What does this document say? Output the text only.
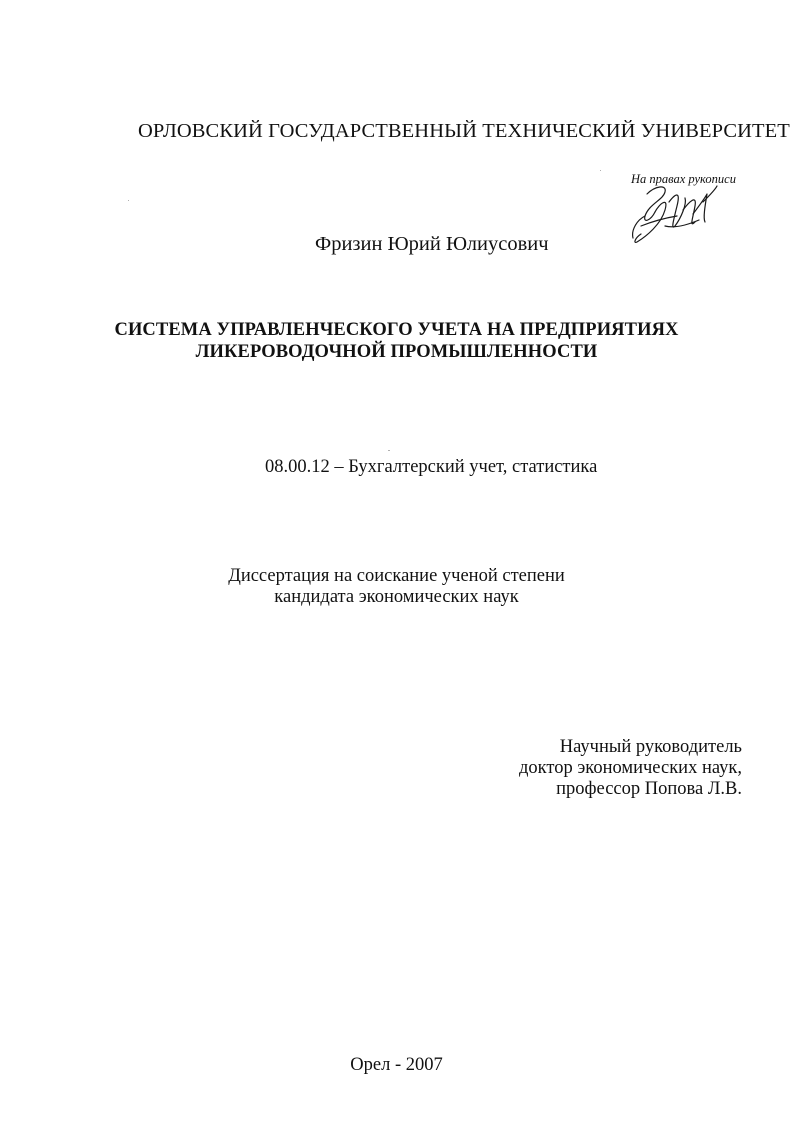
ОРЛОВСКИЙ ГОСУДАРСТВЕННЫЙ ТЕХНИЧЕСКИЙ УНИВЕРСИТЕТ
На правах рукописи
Фризин Юрий Юлиусович
СИСТЕМА УПРАВЛЕНЧЕСКОГО УЧЕТА НА ПРЕДПРИЯТИЯХ
ЛИКЕРОВОДОЧНОЙ ПРОМЫШЛЕННОСТИ
08.00.12 – Бухгалтерский учет, статистика
Диссертация на соискание ученой степени
кандидата экономических наук
Научный руководитель
доктор экономических наук,
профессор Попова Л.В.
Орел - 2007
